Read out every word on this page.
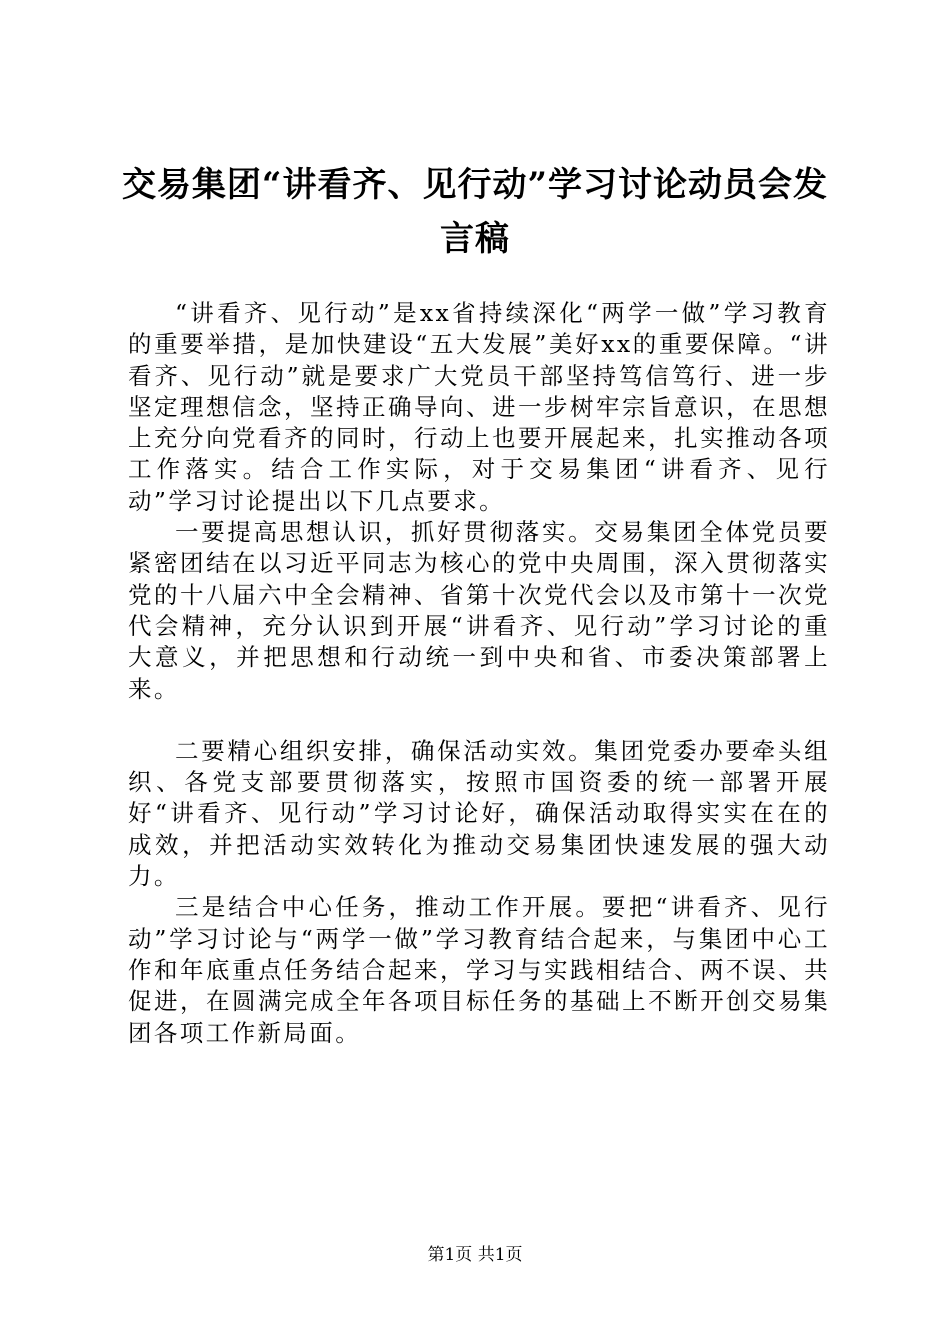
交易集团“讲看齐、见行动”学习讨论动员会发言稿

“讲看齐、见行动”是xx省持续深化“两学一做”学习教育的重要举措，是加快建设“五大发展”美好xx的重要保障。“讲看齐、见行动”就是要求广大党员干部坚持笃信笃行、进一步坚定理想信念，坚持正确导向、进一步树牢宗旨意识，在思想上充分向党看齐的同时，行动上也要开展起来，扎实推动各项工作落实。结合工作实际，对于交易集团“讲看齐、见行动”学习讨论提出以下几点要求。

一要提高思想认识，抓好贯彻落实。交易集团全体党员要紧密团结在以习近平同志为核心的党中央周围，深入贯彻落实党的十八届六中全会精神、省第十次党代会以及市第十一次党代会精神，充分认识到开展“讲看齐、见行动”学习讨论的重大意义，并把思想和行动统一到中央和省、市委决策部署上来。

二要精心组织安排，确保活动实效。集团党委办要牵头组织、各党支部要贯彻落实，按照市国资委的统一部署开展好“讲看齐、见行动”学习讨论好，确保活动取得实实在在的成效，并把活动实效转化为推动交易集团快速发展的强大动力。

三是结合中心任务，推动工作开展。要把“讲看齐、见行动”学习讨论与“两学一做”学习教育结合起来，与集团中心工作和年底重点任务结合起来，学习与实践相结合、两不误、共促进，在圆满完成全年各项目标任务的基础上不断开创交易集团各项工作新局面。

第1页 共1页
